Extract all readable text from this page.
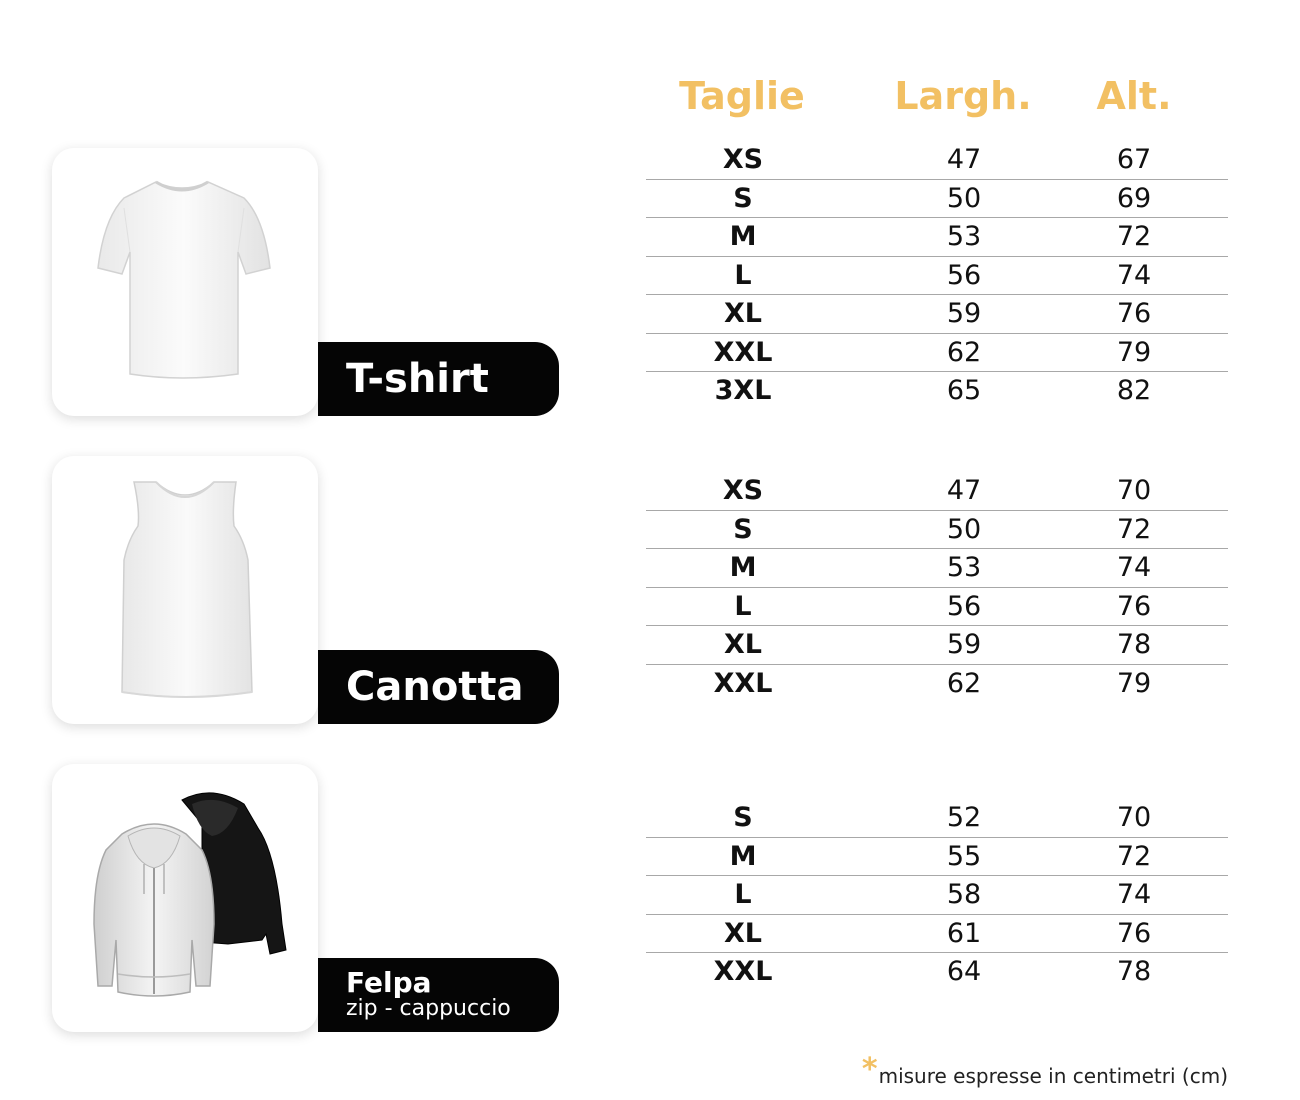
Taglie	Largh.	Alt.
T-shirt
XS	47	67
S	50	69
M	53	72
L	56	74
XL	59	76
XXL	62	79
3XL	65	82
Canotta
XS	47	70
S	50	72
M	53	74
L	56	76
XL	59	78
XXL	62	79
Felpa
zip - cappuccio
S	52	70
M	55	72
L	58	74
XL	61	76
XXL	64	78
*misure espresse in centimetri (cm)
